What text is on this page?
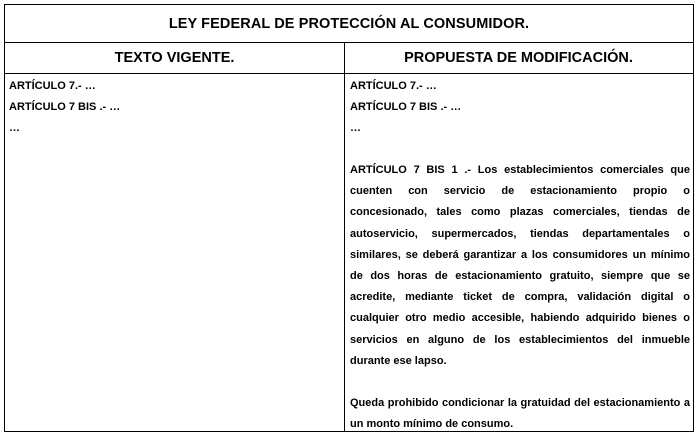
LEY FEDERAL DE PROTECCIÓN AL CONSUMIDOR.
TEXTO VIGENTE.	PROPUESTA DE MODIFICACIÓN.
ARTÍCULO 7.- …
ARTÍCULO 7 BIS .- …
…
ARTÍCULO 7.- …
ARTÍCULO 7 BIS .- …
…
ARTÍCULO 7 BIS 1 .- Los establecimientos comerciales que cuenten con servicio de estacionamiento propio o concesionado, tales como plazas comerciales, tiendas de autoservicio, supermercados, tiendas departamentales o similares, se deberá garantizar a los consumidores un mínimo de dos horas de estacionamiento gratuito, siempre que se acredite, mediante ticket de compra, validación digital o cualquier otro medio accesible, habiendo adquirido bienes o servicios en alguno de los establecimientos del inmueble durante ese lapso.
Queda prohibido condicionar la gratuidad del estacionamiento a un monto mínimo de consumo.
